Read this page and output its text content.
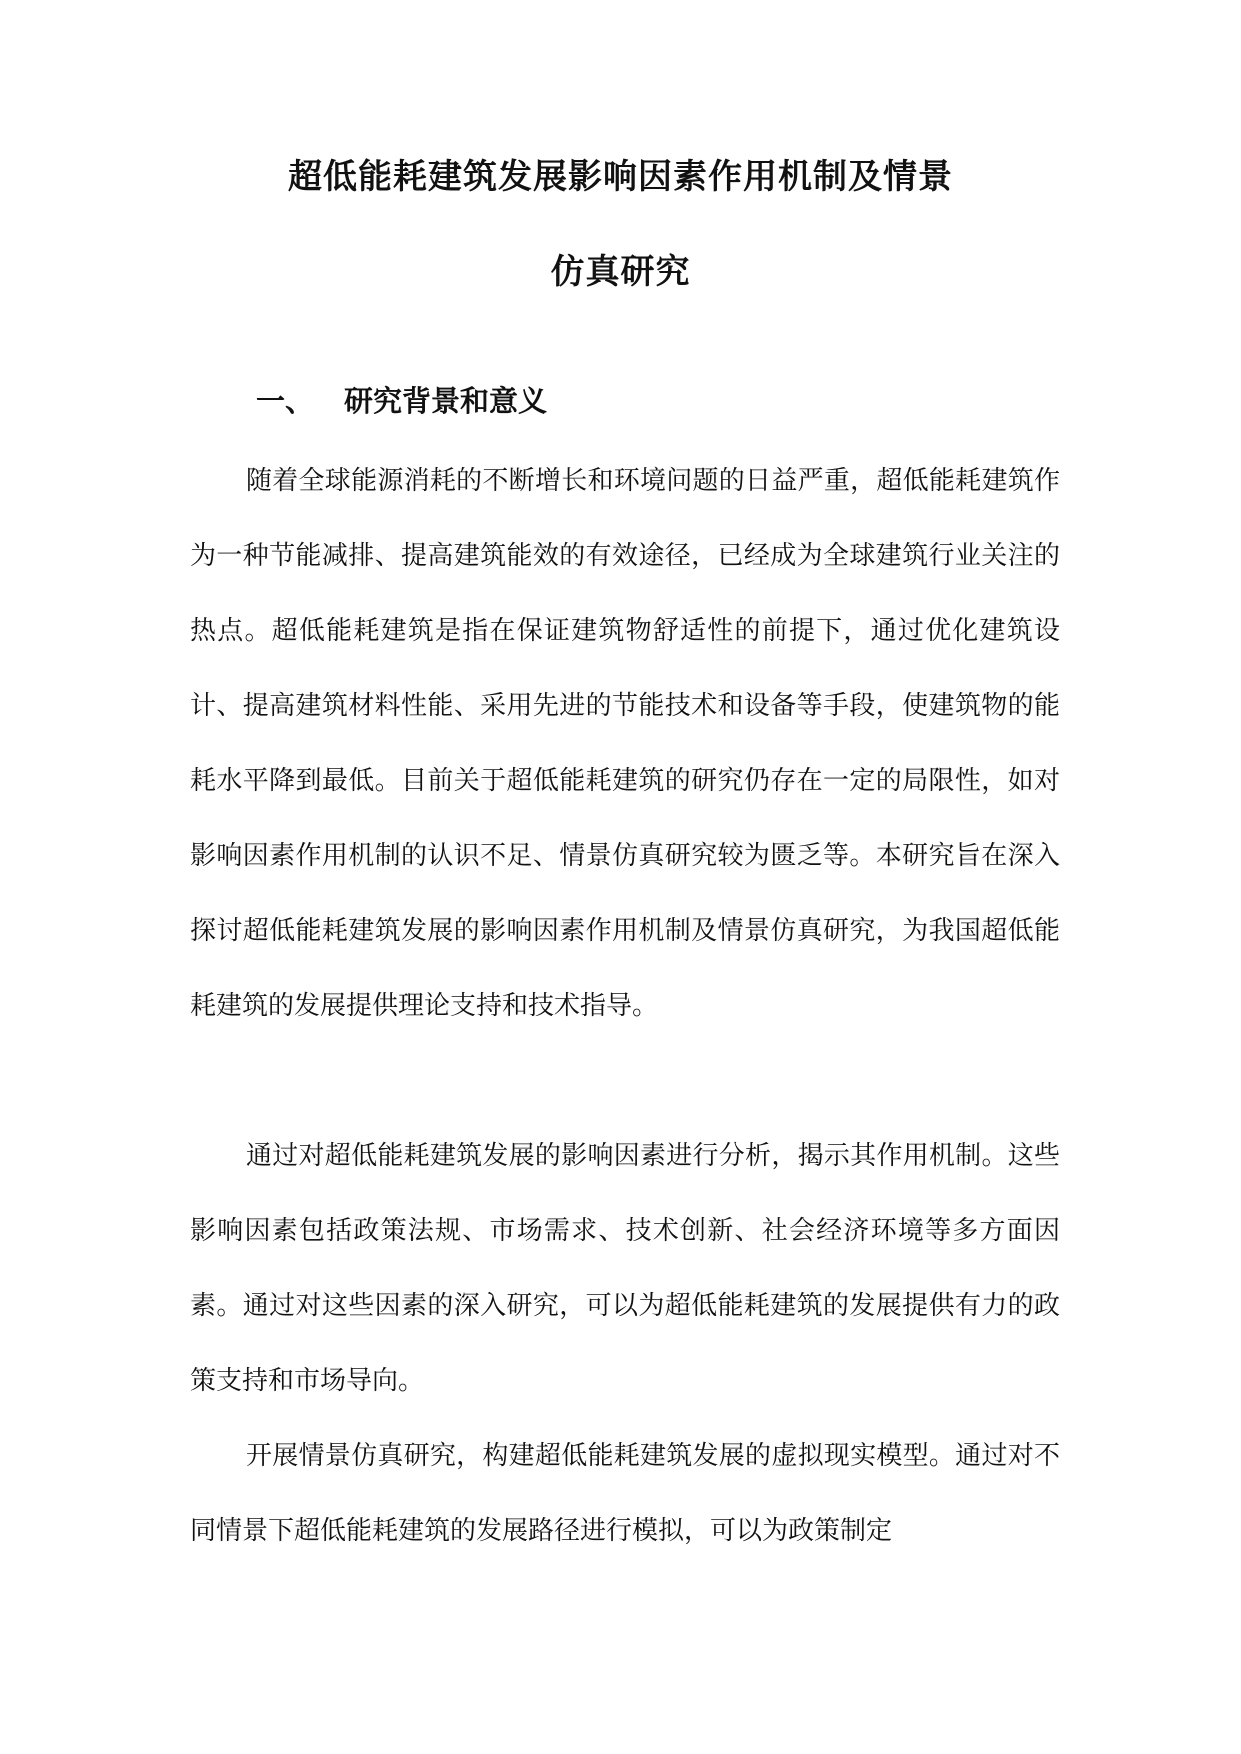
超低能耗建筑发展影响因素作用机制及情景
仿真研究
一、 研究背景和意义

随着全球能源消耗的不断增长和环境问题的日益严重，超低能耗建筑作为一种节能减排、提高建筑能效的有效途径，已经成为全球建筑行业关注的热点。超低能耗建筑是指在保证建筑物舒适性的前提下，通过优化建筑设计、提高建筑材料性能、采用先进的节能技术和设备等手段，使建筑物的能耗水平降到最低。目前关于超低能耗建筑的研究仍存在一定的局限性，如对影响因素作用机制的认识不足、情景仿真研究较为匮乏等。本研究旨在深入探讨超低能耗建筑发展的影响因素作用机制及情景仿真研究，为我国超低能耗建筑的发展提供理论支持和技术指导。

通过对超低能耗建筑发展的影响因素进行分析，揭示其作用机制。这些影响因素包括政策法规、市场需求、技术创新、社会经济环境等多方面因素。通过对这些因素的深入研究，可以为超低能耗建筑的发展提供有力的政策支持和市场导向。

开展情景仿真研究，构建超低能耗建筑发展的虚拟现实模型。通过对不同情景下超低能耗建筑的发展路径进行模拟，可以为政策制定
